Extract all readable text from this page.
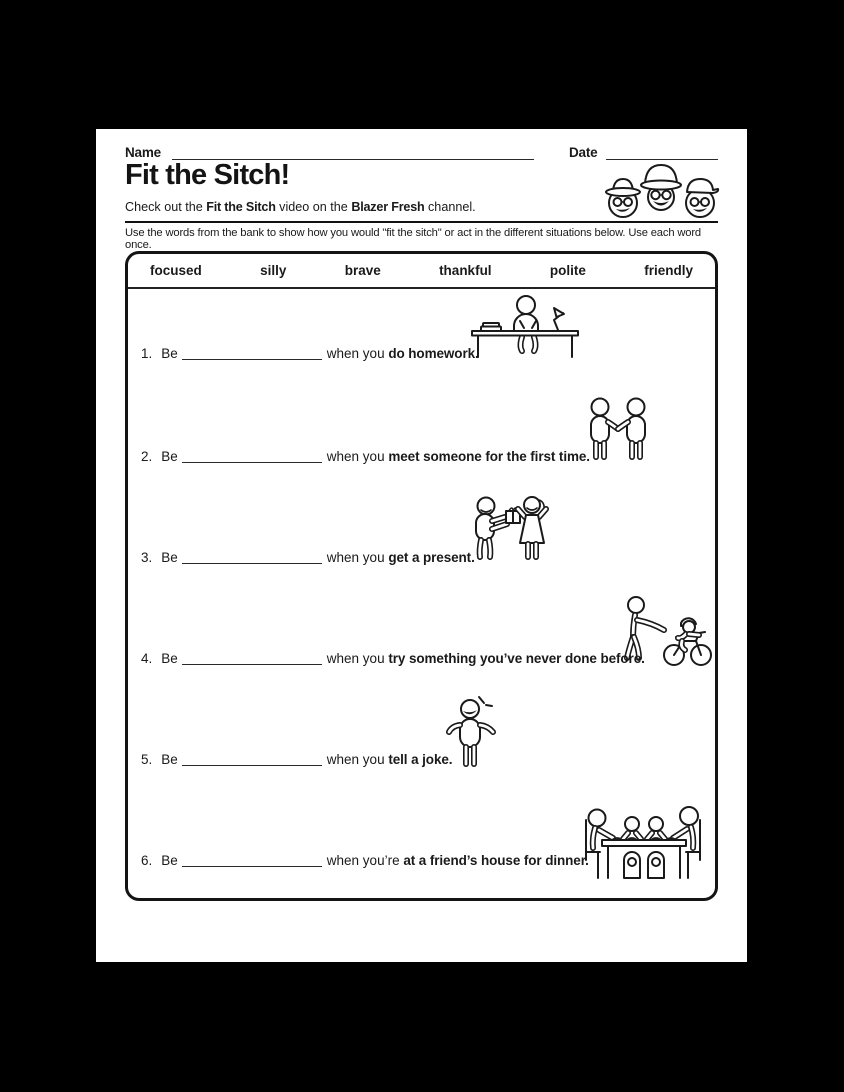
Name	Date
Fit the Sitch!

Check out the Fit the Sitch video on the Blazer Fresh channel.

Use the words from the bank to show how you would "fit the sitch" or act in the different situations below. Use each word once.

focused	silly	brave	thankful	polite	friendly
1. Be	when you do homework.
2. Be	when you meet someone for the first time.
3. Be	when you get a present.
4. Be	when you try something you’ve never done before.
5. Be	when you tell a joke.
6. Be	when you’re at a friend’s house for dinner.
